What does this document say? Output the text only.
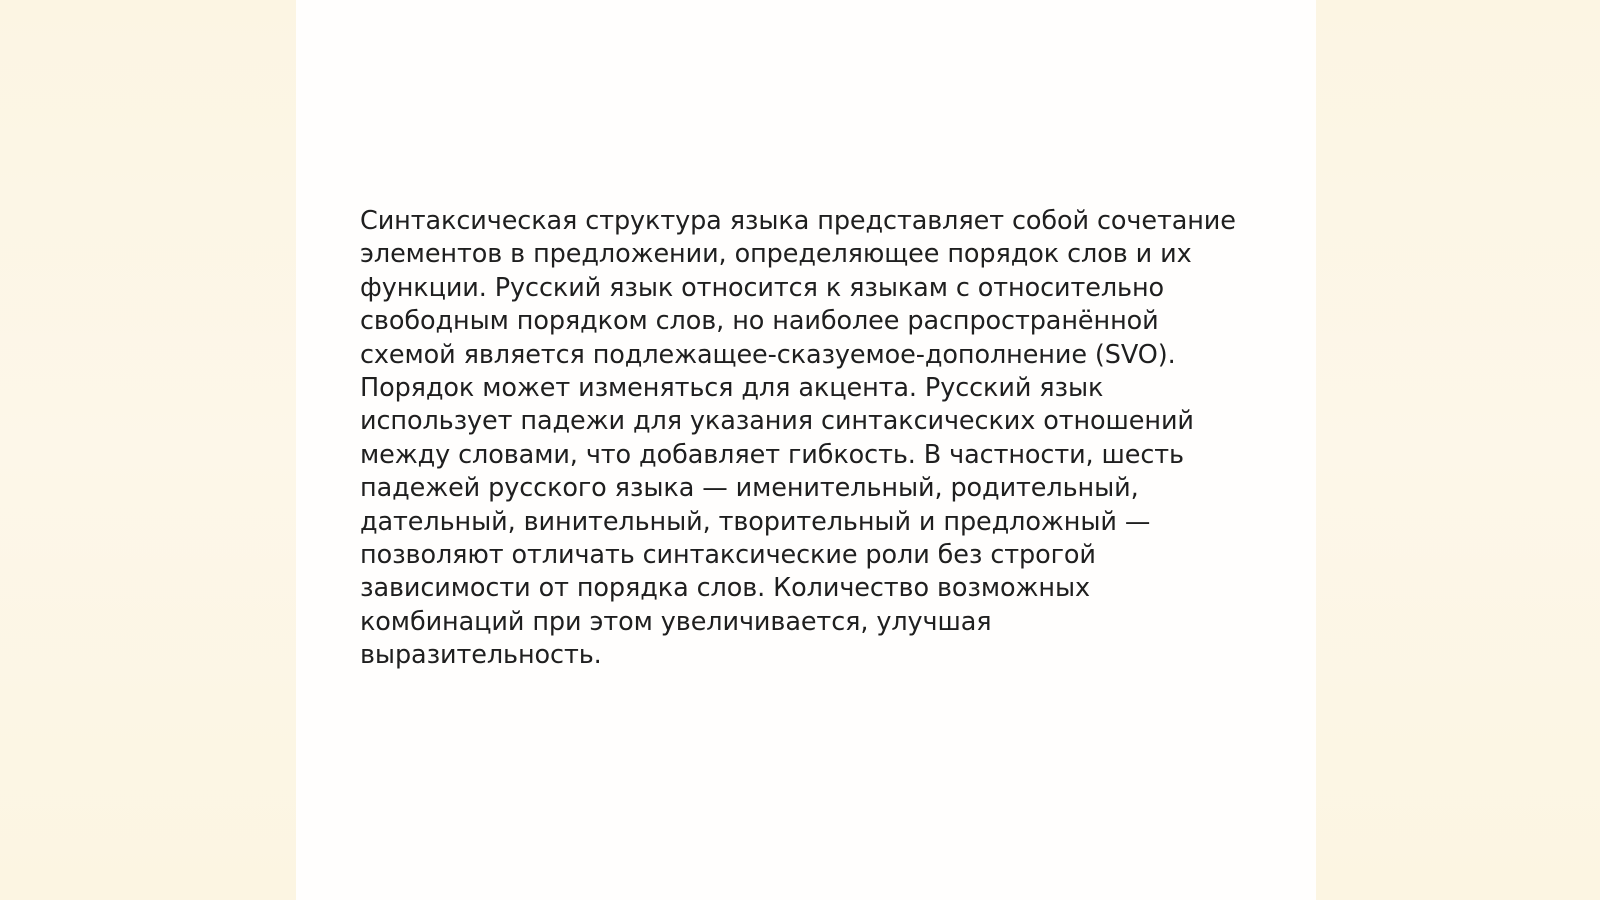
Синтаксическая структура языка представляет собой сочетание
элементов в предложении, определяющее порядок слов и их
функции. Русский язык относится к языкам с относительно
свободным порядком слов, но наиболее распространённой
схемой является подлежащее-сказуемое-дополнение (SVO).
Порядок может изменяться для акцента. Русский язык
использует падежи для указания синтаксических отношений
между словами, что добавляет гибкость. В частности, шесть
падежей русского языка — именительный, родительный,
дательный, винительный, творительный и предложный —
позволяют отличать синтаксические роли без строгой
зависимости от порядка слов. Количество возможных
комбинаций при этом увеличивается, улучшая
выразительность.
